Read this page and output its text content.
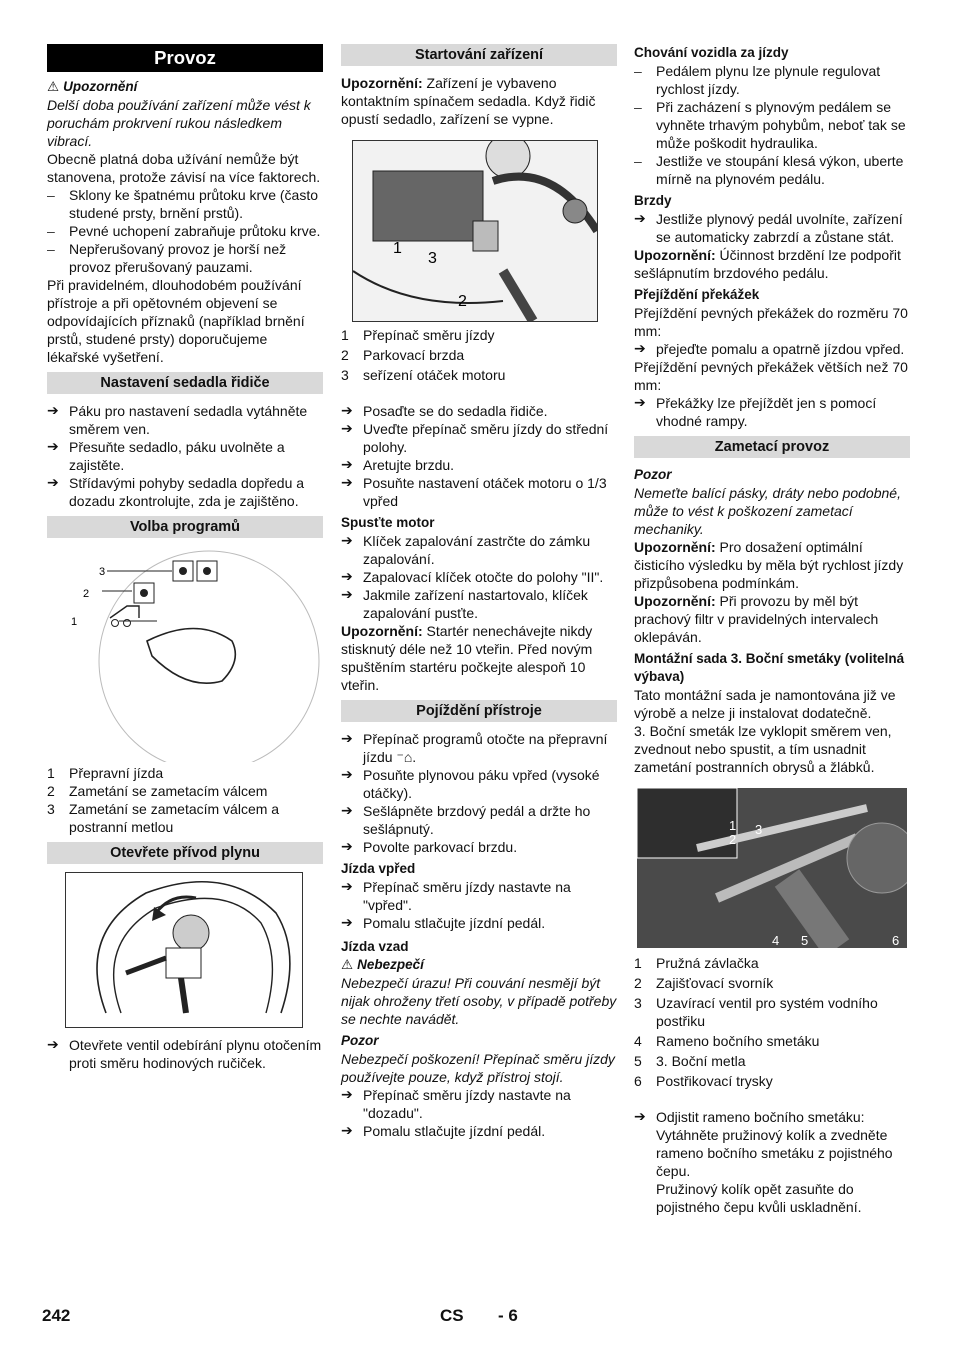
Provoz

⚠ Upozornění

Delší doba používání zařízení může vést k poruchám prokrvení rukou následkem vibrací.

Obecně platná doba užívání nemůže být stanovena, protože závisí na více faktorech.

– Sklony ke špatnému průtoku krve (často studené prsty, brnění prstů).
– Pevné uchopení zabraňuje průtoku krve.
– Nepřerušovaný provoz je horší než provoz přerušovaný pauzami.

Při pravidelném, dlouhodobém používání přístroje a při opětovném objevení se odpovídajících příznaků (například brnění prstů, studené prsty) doporučujeme lékařské vyšetření.

Nastavení sedadla řidiče
➔ Páku pro nastavení sedadla vytáhněte směrem ven.
➔ Přesuňte sedadlo, páku uvolněte a zajistěte.
➔ Střídavými pohyby sedadla dopředu a dozadu zkontrolujte, zda je zajištěno.
Volba programů
3
2
1
1 Přepravní jízda
2 Zametání se zametacím válcem
3 Zametání se zametacím válcem a postranní metlou
Otevřete přívod plynu
➔ Otevřete ventil odebírání plynu otočením proti směru hodinových ručiček.
Startování zařízení

Upozornění: Zařízení je vybaveno kontaktním spínačem sedadla. Když řidič opustí sedadlo, zařízení se vypne.

1
3
2
1 Přepínač směru jízdy
2 Parkovací brzda
3 seřízení otáček motoru
➔ Posaďte se do sedadla řidiče.
➔ Uveďte přepínač směru jízdy do střední polohy.
➔ Aretujte brzdu.
➔ Posuňte nastavení otáček motoru o 1/3 vpřed

Spusťte motor

➔ Klíček zapalování zastrčte do zámku zapalování.
➔ Zapalovací klíček otočte do polohy "II".
➔ Jakmile zařízení nastartovalo, klíček zapalování pusťte.

Upozornění: Startér nenechávejte nikdy stisknutý déle než 10 vteřin. Před novým spuštěním startéru počkejte alespoň 10 vteřin.

Pojíždění přístroje
➔ Přepínač programů otočte na přepravní jízdu ⁻⌂.
➔ Posuňte plynovou páku vpřed (vysoké otáčky).
➔ Sešlápněte brzdový pedál a držte ho sešlápnutý.
➔ Povolte parkovací brzdu.

Jízda vpřed

➔ Přepínač směru jízdy nastavte na "vpřed".
➔ Pomalu stlačujte jízdní pedál.

Jízda vzad

⚠ Nebezpečí

Nebezpečí úrazu! Při couvání nesmějí být nijak ohroženy třetí osoby, v případě potřeby se nechte navádět.

Pozor

Nebezpečí poškození! Přepínač směru jízdy používejte pouze, když přístroj stojí.

➔ Přepínač směru jízdy nastavte na "dozadu".
➔ Pomalu stlačujte jízdní pedál.

Chování vozidla za jízdy

– Pedálem plynu lze plynule regulovat rychlost jízdy.
– Při zacházení s plynovým pedálem se vyhněte trhavým pohybům, neboť tak se může poškodit hydraulika.
– Jestliže ve stoupání klesá výkon, uberte mírně na plynovém pedálu.

Brzdy

➔ Jestliže plynový pedál uvolníte, zařízení se automaticky zabrzdí a zůstane stát.

Upozornění: Účinnost brzdění lze podpořit sešlápnutím brzdového pedálu.

Přejíždění překážek

Přejíždění pevných překážek do rozměru 70 mm:

➔ přejeďte pomalu a opatrně jízdou vpřed.

Přejíždění pevných překážek větších než 70 mm:

➔ Překážky lze přejíždět jen s pomocí vhodné rampy.
Zametací provoz

Pozor

Nemeťte balící pásky, dráty nebo podobné, může to vést k poškození zametací mechaniky.

Upozornění: Pro dosažení optimální čisticího výsledku by měla být rychlost jízdy přizpůsobena podmínkám.

Upozornění: Při provozu by měl být prachový filtr v pravidelných intervalech oklepáván.

Montážní sada 3. Boční smetáky (volitelná výbava)

Tato montážní sada je namontována již ve výrobě a nelze ji instalovat dodatečně.

3. Boční smeták lze vyklopit směrem ven, zvednout nebo spustit, a tím usnadnit zametání postranních obrysů a žlábků.

1
2
3
4 5	6
1 Pružná závlačka
2 Zajišťovací svorník
3 Uzavírací ventil pro systém vodního postřiku
4 Rameno bočního smetáku
5 3. Boční metla
6 Postřikovací trysky
➔ Odjistit rameno bočního smetáku: Vytáhněte pružinový kolík a zvedněte rameno bočního smetáku z pojistného čepu.

Pružinový kolík opět zasuňte do pojistného čepu kvůli uskladnění.

242	CS - 6
